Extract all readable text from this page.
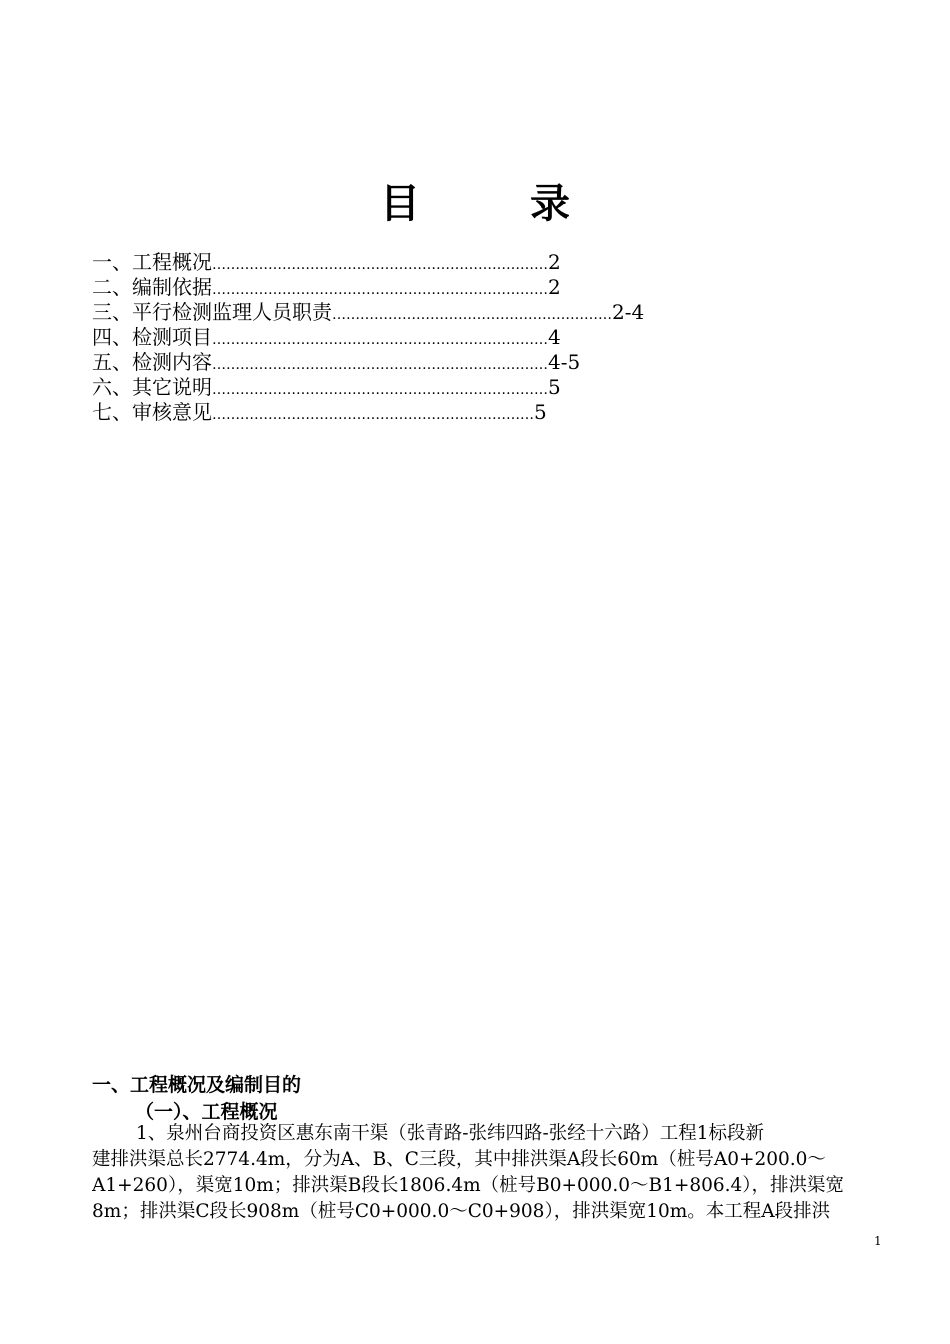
目 录
一、工程概况 ……………………………………………………………… 2
二、编制依据 ……………………………………………………………… 2
三、平行检测监理人员职责 …………………………………………………… 2-4
四、检测项目 ……………………………………………………………… 4
五、检测内容 ……………………………………………………………… 4-5
六、其它说明 ……………………………………………………………… 5
七、审核意见 …………………………………………………………… 5
一、工程概况及编制目的
（一）、工程概况
1、泉州台商投资区惠东南干渠（张青路-张纬四路-张经十六路）工程1标段新
建排洪渠总长2774.4m，分为A、B、C三段，其中排洪渠A段长60m（桩号A0+200.0～
A1+260），渠宽10m；排洪渠B段长1806.4m（桩号B0+000.0～B1+806.4），排洪渠宽
8m；排洪渠C段长908m（桩号C0+000.0～C0+908），排洪渠宽10m。本工程A段排洪
1
